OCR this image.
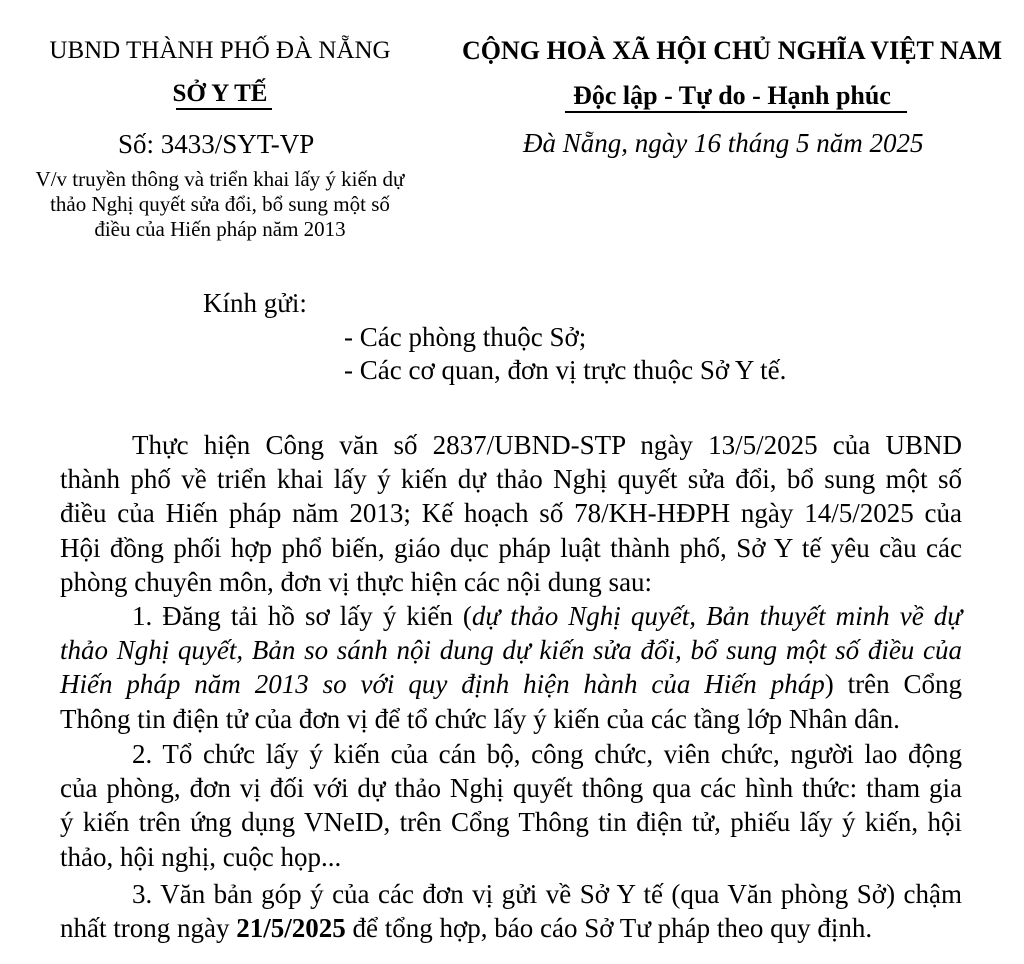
UBND THÀNH PHỐ ĐÀ NẴNG
SỞ Y TẾ
CỘNG HOÀ XÃ HỘI CHỦ NGHĨA VIỆT NAM
Độc lập - Tự do - Hạnh phúc
Số: 3433/SYT-VP	Đà Nẵng, ngày 16 tháng 5 năm 2025
V/v truyền thông và triển khai lấy ý kiến dự
thảo Nghị quyết sửa đổi, bổ sung một số
điều của Hiến pháp năm 2013
Kính gửi:
- Các phòng thuộc Sở;
- Các cơ quan, đơn vị trực thuộc Sở Y tế.
Thực hiện Công văn số 2837/UBND-STP ngày 13/5/2025 của UBND
thành phố về triển khai lấy ý kiến dự thảo Nghị quyết sửa đổi, bổ sung một số
điều của Hiến pháp năm 2013; Kế hoạch số 78/KH-HĐPH ngày 14/5/2025 của
Hội đồng phối hợp phổ biến, giáo dục pháp luật thành phố, Sở Y tế yêu cầu các
phòng chuyên môn, đơn vị thực hiện các nội dung sau:
1. Đăng tải hồ sơ lấy ý kiến (dự thảo Nghị quyết, Bản thuyết minh về dự
thảo Nghị quyết, Bản so sánh nội dung dự kiến sửa đổi, bổ sung một số điều của
Hiến pháp năm 2013 so với quy định hiện hành của Hiến pháp) trên Cổng
Thông tin điện tử của đơn vị để tổ chức lấy ý kiến của các tầng lớp Nhân dân.
2. Tổ chức lấy ý kiến của cán bộ, công chức, viên chức, người lao động
của phòng, đơn vị đối với dự thảo Nghị quyết thông qua các hình thức: tham gia
ý kiến trên ứng dụng VNeID, trên Cổng Thông tin điện tử, phiếu lấy ý kiến, hội
thảo, hội nghị, cuộc họp...
3. Văn bản góp ý của các đơn vị gửi về Sở Y tế (qua Văn phòng Sở) chậm
nhất trong ngày 21/5/2025 để tổng hợp, báo cáo Sở Tư pháp theo quy định.
